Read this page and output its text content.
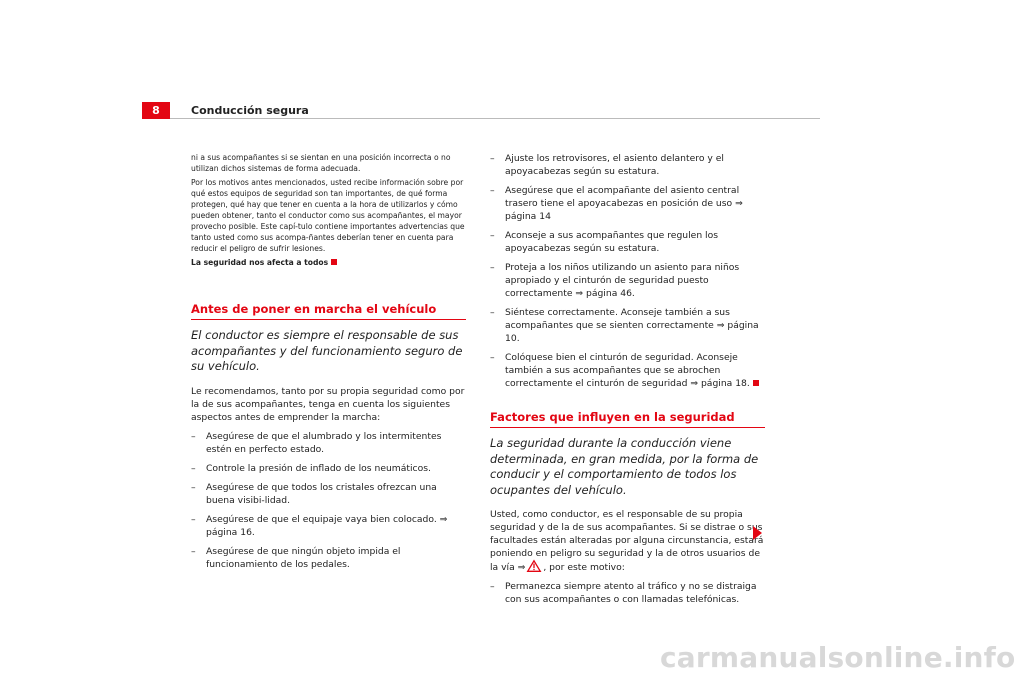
8	Conducción segura

ni a sus acompañantes si se sientan en una posición incorrecta o no utilizan dichos sistemas de forma adecuada.

Por los motivos antes mencionados, usted recibe información sobre por qué estos equipos de seguridad son tan importantes, de qué forma protegen, qué hay que tener en cuenta a la hora de utilizarlos y cómo pueden obtener, tanto el conductor como sus acompañantes, el mayor provecho posible. Este capí-tulo contiene importantes advertencias que tanto usted como sus acompa-ñantes deberían tener en cuenta para reducir el peligro de sufrir lesiones.

La seguridad nos afecta a todos

Antes de poner en marcha el vehículo

El conductor es siempre el responsable de sus acompañantes y del funcionamiento seguro de su vehículo.

Le recomendamos, tanto por su propia seguridad como por la de sus acompañantes, tenga en cuenta los siguientes aspectos antes de emprender la marcha:

– Asegúrese de que el alumbrado y los intermitentes estén en perfecto estado.
– Controle la presión de inflado de los neumáticos.
– Asegúrese de que todos los cristales ofrezcan una buena visibi-lidad.
– Asegúrese de que el equipaje vaya bien colocado. ⇒ página 16.
– Asegúrese de que ningún objeto impida el funcionamiento de los pedales.
– Ajuste los retrovisores, el asiento delantero y el apoyacabezas según su estatura.
– Asegúrese que el acompañante del asiento central trasero tiene el apoyacabezas en posición de uso ⇒ página 14
– Aconseje a sus acompañantes que regulen los apoyacabezas según su estatura.
– Proteja a los niños utilizando un asiento para niños apropiado y el cinturón de seguridad puesto correctamente ⇒ página 46.
– Siéntese correctamente. Aconseje también a sus acompañantes que se sienten correctamente ⇒ página 10.
– Colóquese bien el cinturón de seguridad. Aconseje también a sus acompañantes que se abrochen correctamente el cinturón de seguridad ⇒ página 18.
Factores que influyen en la seguridad

La seguridad durante la conducción viene determinada, en gran medida, por la forma de conducir y el comportamiento de todos los ocupantes del vehículo.

Usted, como conductor, es el responsable de su propia seguridad y de la de sus acompañantes. Si se distrae o sus facultades están alteradas por alguna circunstancia, estará poniendo en peligro su seguridad y la de otros usuarios de la vía ⇒ , por este motivo:

– Permanezca siempre atento al tráfico y no se distraiga con sus acompañantes o con llamadas telefónicas.
carmanualsonline.info
